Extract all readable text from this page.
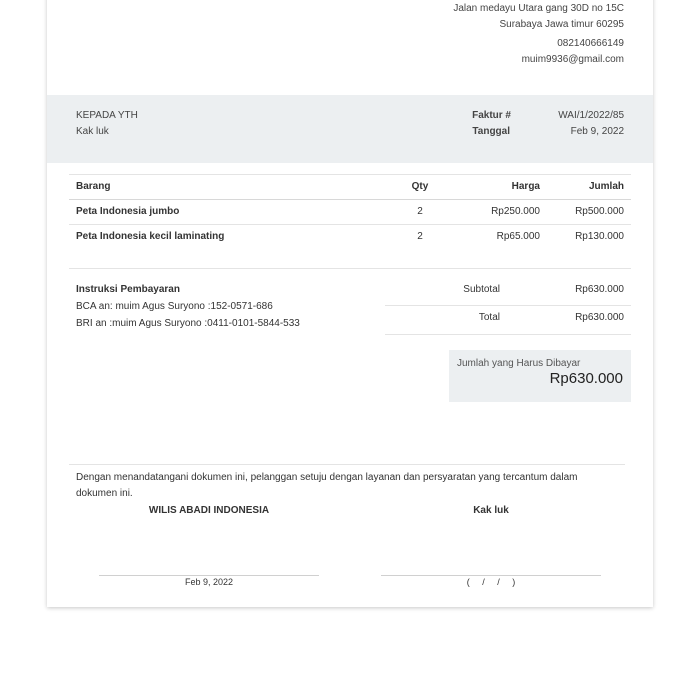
Jalan medayu Utara gang 30D no 15C
Surabaya Jawa timur 60295
082140666149
muim9936@gmail.com
KEPADA YTH
Kak luk
Faktur #	WAI/1/2022/85
Tanggal	Feb 9, 2022
Barang	Qty	Harga	Jumlah
Peta Indonesia jumbo	2	Rp250.000	Rp500.000
Peta Indonesia kecil laminating	2	Rp65.000	Rp130.000
Instruksi Pembayaran
BCA an: muim Agus Suryono :152-0571-686
BRI an :muim Agus Suryono :0411-0101-5844-533
Subtotal	Rp630.000
Total	Rp630.000
Jumlah yang Harus Dibayar
Rp630.000
Dengan menandatangani dokumen ini, pelanggan setuju dengan layanan dan persyaratan yang tercantum dalam
dokumen ini.
WILIS ABADI INDONESIA
Feb 9, 2022
Kak luk
(     /     /     )
